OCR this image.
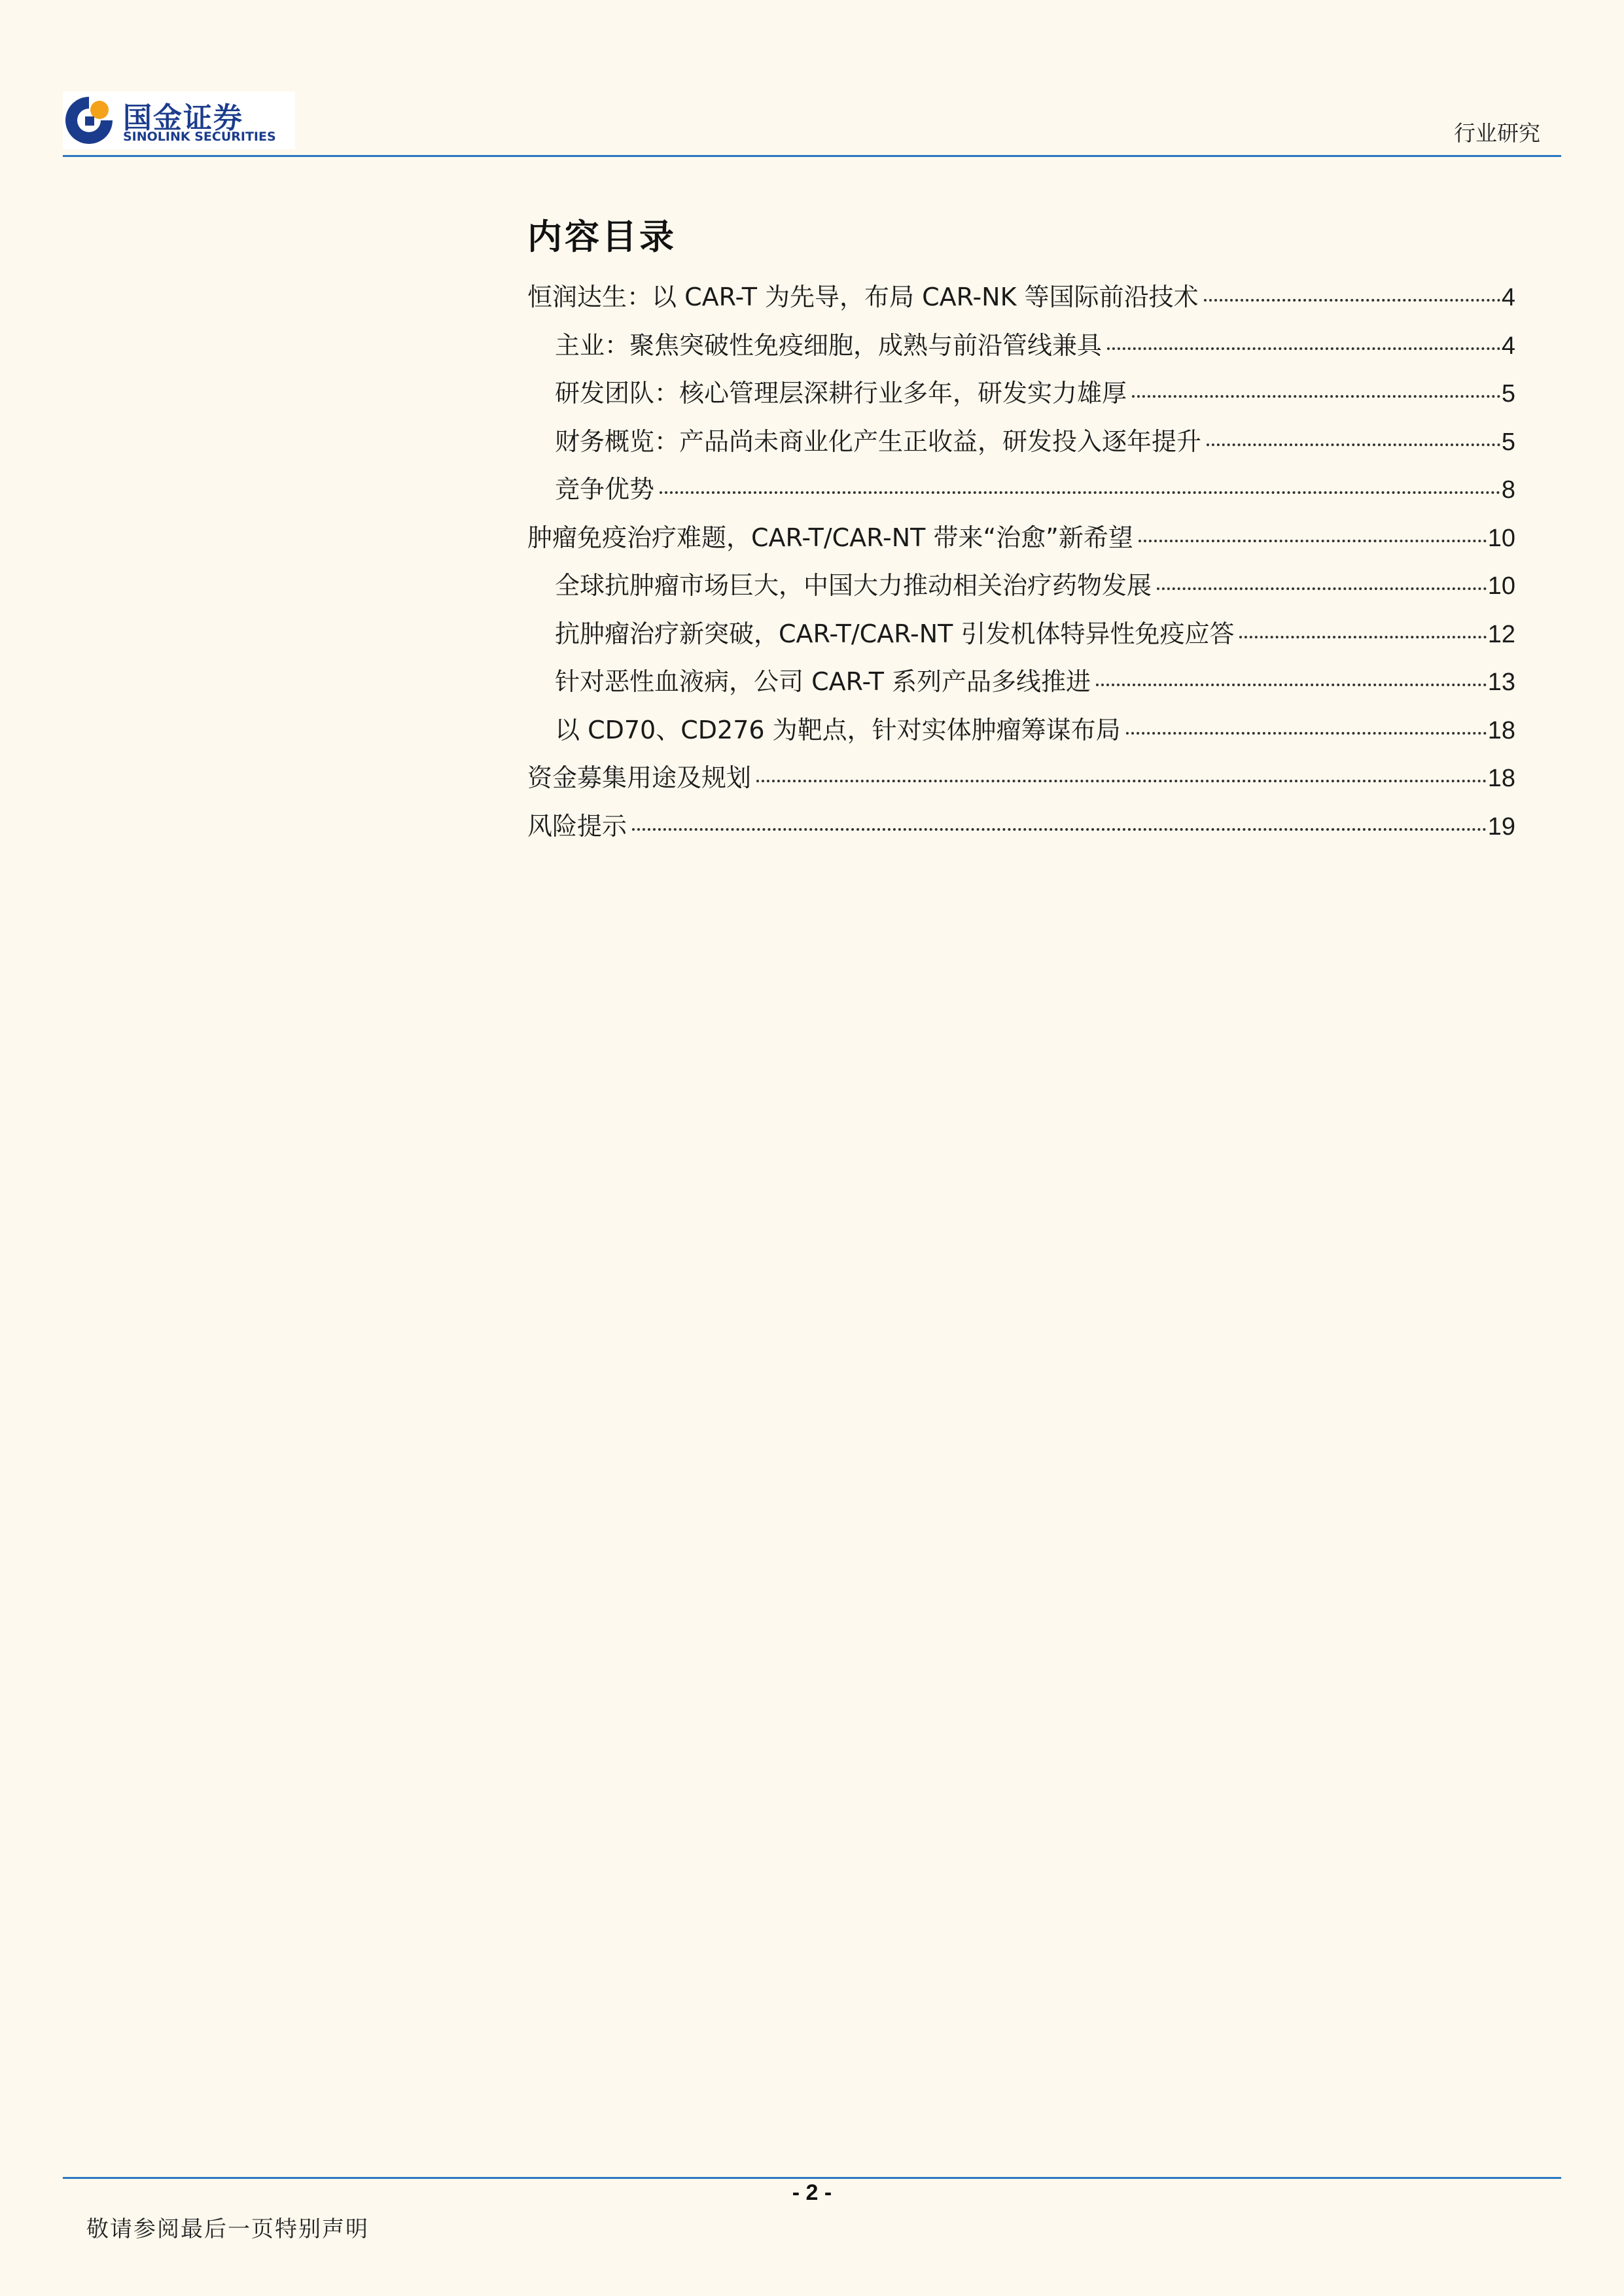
国金证券
SINOLINK SECURITIES	行业研究
内容目录
恒润达生：以 CAR-T 为先导，布局 CAR-NK 等国际前沿技术	4
主业：聚焦突破性免疫细胞，成熟与前沿管线兼具	4
研发团队：核心管理层深耕行业多年，研发实力雄厚	5
财务概览：产品尚未商业化产生正收益，研发投入逐年提升	5
竞争优势	8
肿瘤免疫治疗难题，CAR-T/CAR-NT 带来“治愈”新希望	10
全球抗肿瘤市场巨大，中国大力推动相关治疗药物发展	10
抗肿瘤治疗新突破，CAR-T/CAR-NT 引发机体特异性免疫应答	12
针对恶性血液病，公司 CAR-T 系列产品多线推进	13
以 CD70、CD276 为靶点，针对实体肿瘤筹谋布局	18
资金募集用途及规划	18
风险提示	19
- 2 -
敬请参阅最后一页特别声明
